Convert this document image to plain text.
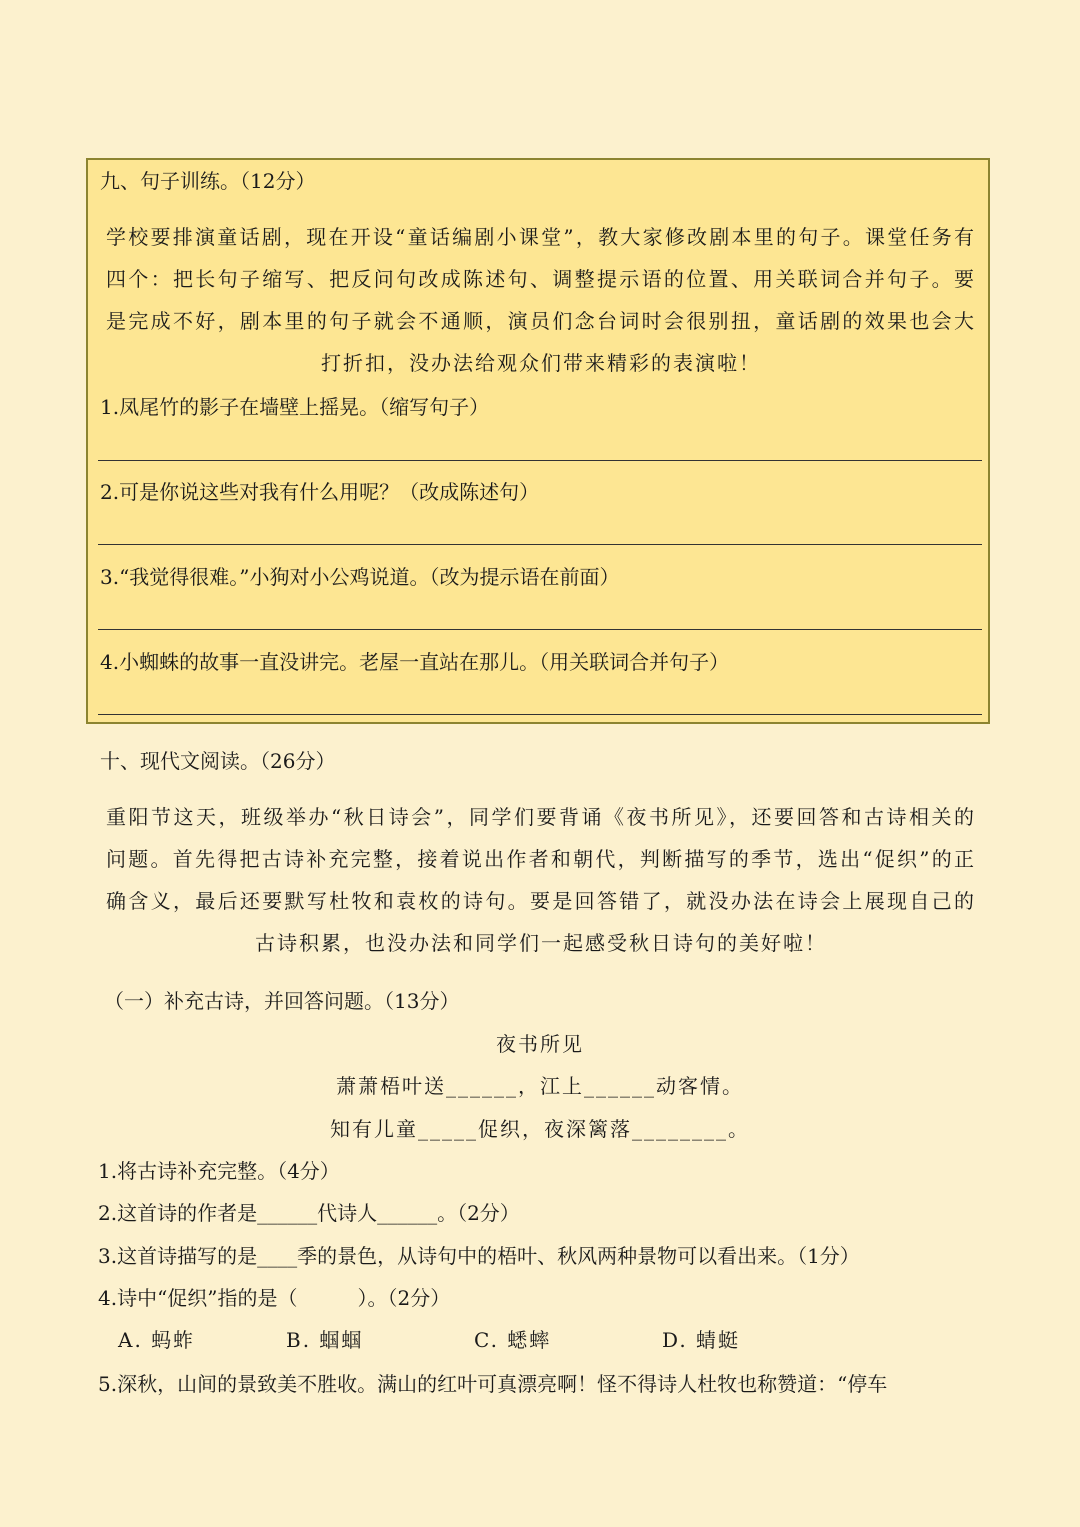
九、句子训练。（12分）
学校要排演童话剧，现在开设“童话编剧小课堂”，教大家修改剧本里的句子。课堂任务有四个：把长句子缩写、把反问句改成陈述句、调整提示语的位置、用关联词合并句子。要是完成不好，剧本里的句子就会不通顺，演员们念台词时会很别扭，童话剧的效果也会大打折扣，没办法给观众们带来精彩的表演啦！
1.凤尾竹的影子在墙壁上摇晃。（缩写句子）
2.可是你说这些对我有什么用呢？（改成陈述句）
3.“我觉得很难。”小狗对小公鸡说道。（改为提示语在前面）
4.小蜘蛛的故事一直没讲完。老屋一直站在那儿。（用关联词合并句子）
十、现代文阅读。（26分）
重阳节这天，班级举办“秋日诗会”，同学们要背诵《夜书所见》，还要回答和古诗相关的问题。首先得把古诗补充完整，接着说出作者和朝代，判断描写的季节，选出“促织”的正确含义，最后还要默写杜牧和袁枚的诗句。要是回答错了，就没办法在诗会上展现自己的古诗积累，也没办法和同学们一起感受秋日诗句的美好啦！
（一）补充古诗，并回答问题。（13分）
夜书所见
萧萧梧叶送______，江上______动客情。
知有儿童_____促织，夜深篱落________。
1.将古诗补充完整。（4分）
2.这首诗的作者是______代诗人______。（2分）
3.这首诗描写的是____季的景色，从诗句中的梧叶、秋风两种景物可以看出来。（1分）
4.诗中“促织”指的是（　　　）。（2分）
A. 蚂蚱	B. 蝈蝈	C. 蟋蟀	D. 蜻蜓
5.深秋，山间的景致美不胜收。满山的红叶可真漂亮啊！怪不得诗人杜牧也称赞道：“停车
